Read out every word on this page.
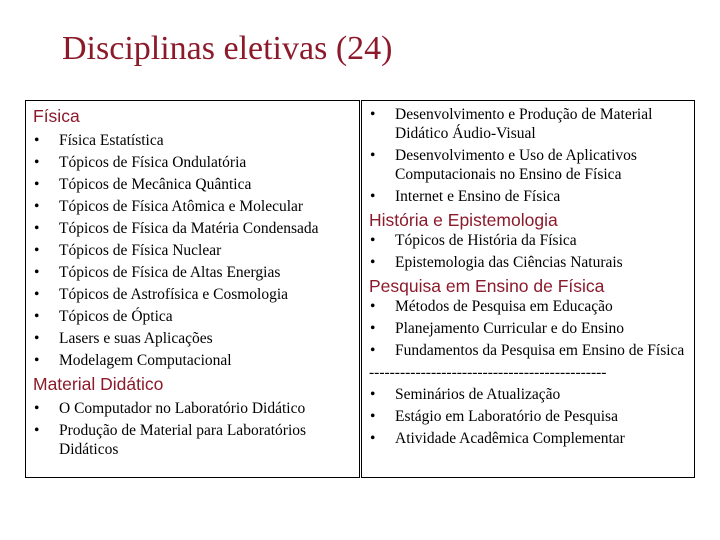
Disciplinas eletivas (24)
Física
• Física Estatística
• Tópicos de Física Ondulatória
• Tópicos de Mecânica Quântica
• Tópicos de Física Atômica e Molecular
• Tópicos de Física da Matéria Condensada
• Tópicos de Física Nuclear
• Tópicos de Física de Altas Energias
• Tópicos de Astrofísica e Cosmologia
• Tópicos de Óptica
• Lasers e suas Aplicações
• Modelagem Computacional
Material Didático
• O Computador no Laboratório Didático
• Produção de Material para Laboratórios Didáticos
• Desenvolvimento e Produção de Material Didático Áudio-Visual
• Desenvolvimento e Uso de Aplicativos Computacionais no Ensino de Física
• Internet e Ensino de Física
História e Epistemologia
• Tópicos de História da Física
• Epistemologia das Ciências Naturais
Pesquisa em Ensino de Física
• Métodos de Pesquisa em Educação
• Planejamento Curricular e do Ensino
• Fundamentos da Pesquisa em Ensino de Física
----------------------------------------------
• Seminários de Atualização
• Estágio em Laboratório de Pesquisa
• Atividade Acadêmica Complementar
